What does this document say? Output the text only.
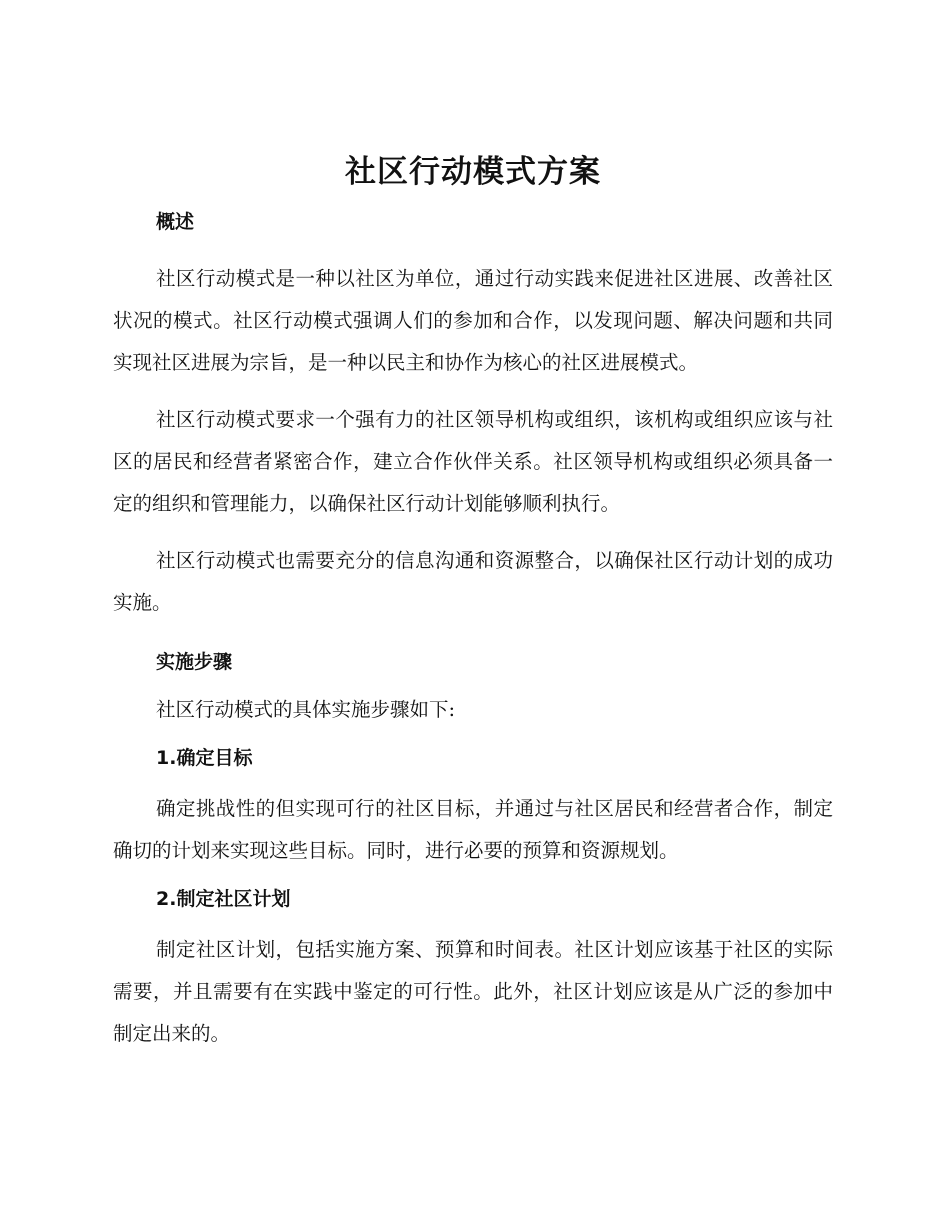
社区行动模式方案
概述

社区行动模式是一种以社区为单位，通过行动实践来促进社区进展、改善社区状况的模式。社区行动模式强调人们的参加和合作，以发现问题、解决问题和共同实现社区进展为宗旨，是一种以民主和协作为核心的社区进展模式。

社区行动模式要求一个强有力的社区领导机构或组织，该机构或组织应该与社区的居民和经营者紧密合作，建立合作伙伴关系。社区领导机构或组织必须具备一定的组织和管理能力，以确保社区行动计划能够顺利执行。

社区行动模式也需要充分的信息沟通和资源整合，以确保社区行动计划的成功实施。

实施步骤
社区行动模式的具体实施步骤如下:
1.确定目标

确定挑战性的但实现可行的社区目标，并通过与社区居民和经营者合作，制定确切的计划来实现这些目标。同时，进行必要的预算和资源规划。

2.制定社区计划

制定社区计划，包括实施方案、预算和时间表。社区计划应该基于社区的实际需要，并且需要有在实践中鉴定的可行性。此外，社区计划应该是从广泛的参加中制定出来的。
